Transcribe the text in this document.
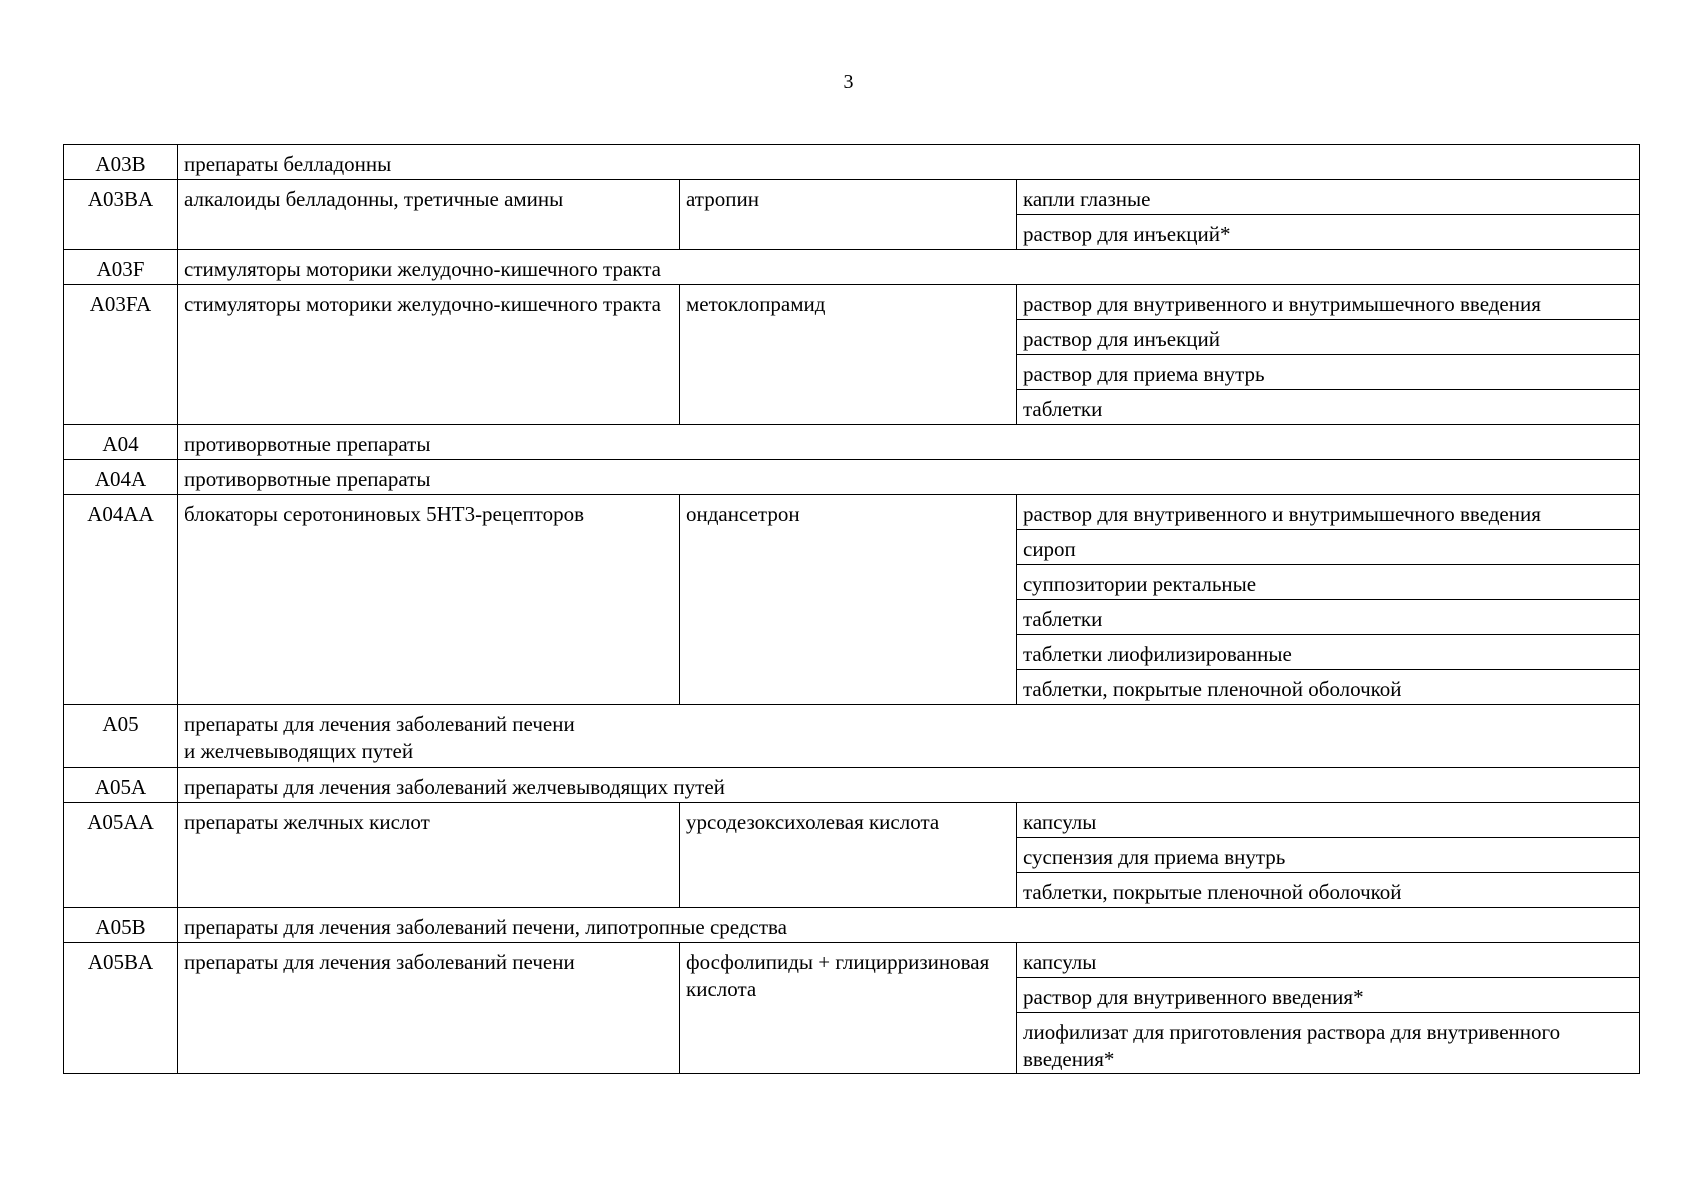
3
A03B	препараты белладонны		
A03BA	алкалоиды белладонны, третичные амины	атропин	капли глазные
			раствор для инъекций*
A03F	стимуляторы моторики желудочно-кишечного тракта		
A03FA	стимуляторы моторики желудочно-кишечного тракта	метоклопрамид	раствор для внутривенного и внутримышечного введения
			раствор для инъекций
			раствор для приема внутрь
			таблетки
A04	противорвотные препараты		
A04A	противорвотные препараты		
A04AA	блокаторы серотониновых 5HT3-рецепторов	ондансетрон	раствор для внутривенного и внутримышечного введения
			сироп
			суппозитории ректальные
			таблетки
			таблетки лиофилизированные
			таблетки, покрытые пленочной оболочкой
A05	препараты для лечения заболеваний печени
и желчевыводящих путей		
A05A	препараты для лечения заболеваний желчевыводящих путей		
A05AA	препараты желчных кислот	урсодезоксихолевая кислота	капсулы
			суспензия для приема внутрь
			таблетки, покрытые пленочной оболочкой
A05B	препараты для лечения заболеваний печени, липотропные средства		
A05BA	препараты для лечения заболеваний печени	фосфолипиды + глицирризиновая кислота	капсулы
			раствор для внутривенного введения*
			лиофилизат для приготовления раствора для внутривенного введения*
